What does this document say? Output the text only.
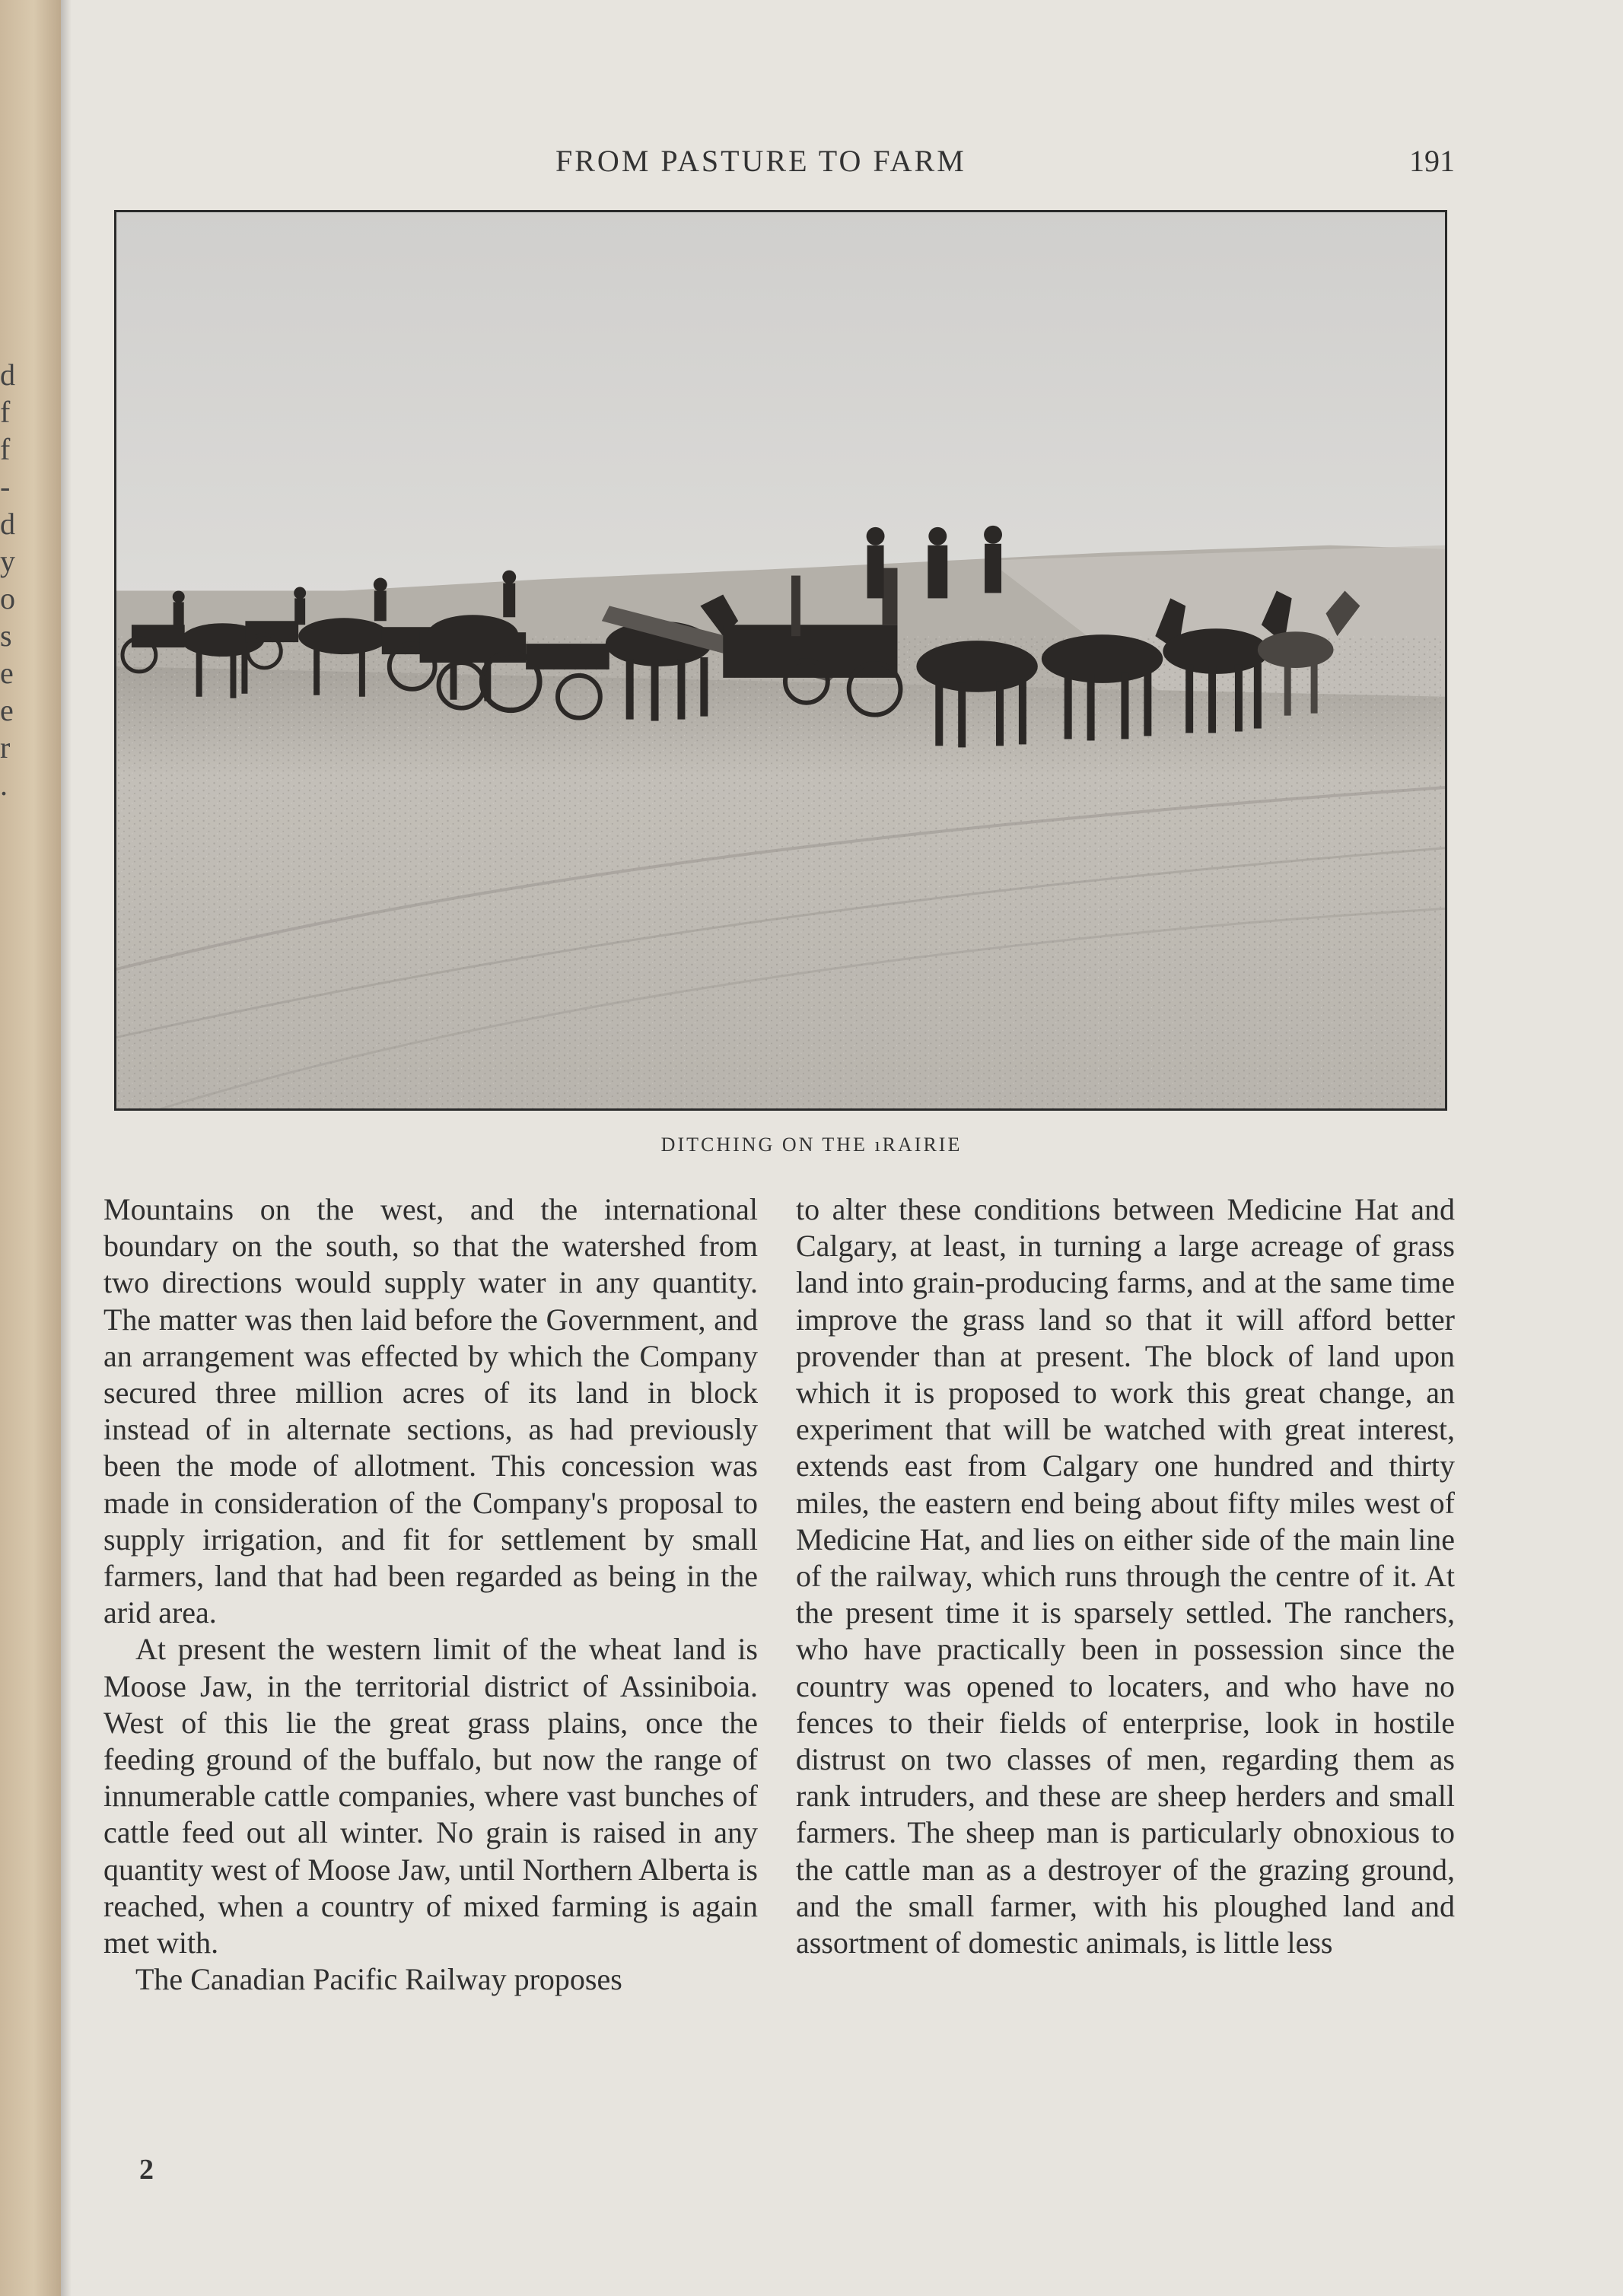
d
f
f
-
d
y
o
s
e
e
r
.
FROM PASTURE TO FARM	191
DITCHING ON THE ıRAIRIE

Mountains on the west, and the international boundary on the south, so that the watershed from two directions would supply water in any quantity. The matter was then laid before the Government, and an arrangement was effected by which the Company secured three million acres of its land in block instead of in alternate sections, as had previously been the mode of allotment. This concession was made in consideration of the Company's proposal to supply irrigation, and fit for settlement by small farmers, land that had been regarded as being in the arid area.

At present the western limit of the wheat land is Moose Jaw, in the territorial district of Assiniboia. West of this lie the great grass plains, once the feeding ground of the buffalo, but now the range of innumerable cattle companies, where vast bunches of cattle feed out all winter. No grain is raised in any quantity west of Moose Jaw, until Northern Alberta is reached, when a country of mixed farming is again met with.

The Canadian Pacific Railway proposes

2

to alter these conditions between Medicine Hat and Calgary, at least, in turning a large acreage of grass land into grain-producing farms, and at the same time improve the grass land so that it will afford better provender than at present. The block of land upon which it is proposed to work this great change, an experiment that will be watched with great interest, extends east from Calgary one hundred and thirty miles, the eastern end being about fifty miles west of Medicine Hat, and lies on either side of the main line of the railway, which runs through the centre of it. At the present time it is sparsely settled. The ranchers, who have practically been in possession since the country was opened to locaters, and who have no fences to their fields of enterprise, look in hostile distrust on two classes of men, regarding them as rank intruders, and these are sheep herders and small farmers. The sheep man is particularly obnoxious to the cattle man as a destroyer of the grazing ground, and the small farmer, with his ploughed land and assortment of domestic animals, is little less
